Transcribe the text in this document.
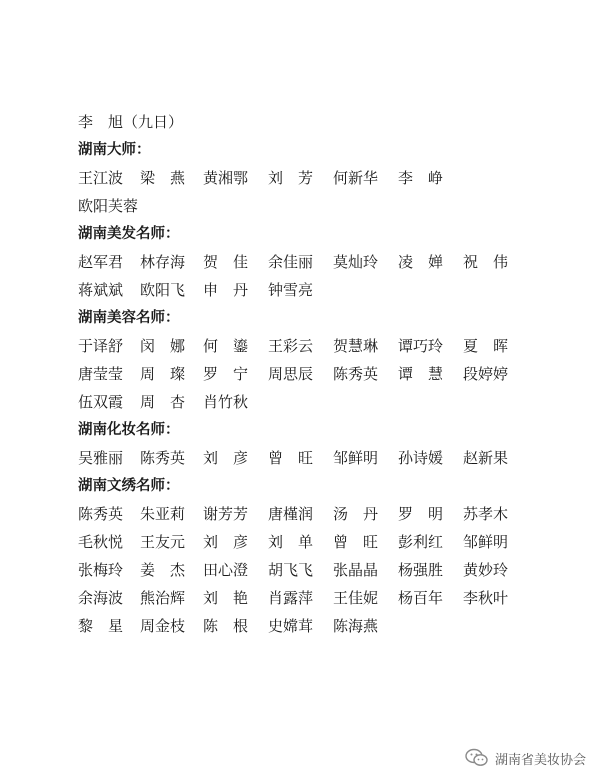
李　旭（九日）
湖南大师：
王江波 梁　燕 黄湘鄂 刘　芳 何新华 李　峥
欧阳芙蓉
湖南美发名师：
赵军君 林存海 贺　佳 余佳丽 莫灿玲 凌　婵 祝　伟
蒋斌斌 欧阳飞 申　丹 钟雪亮
湖南美容名师：
于译舒 闵　娜 何　鎏 王彩云 贺慧琳 谭巧玲 夏　晖
唐莹莹 周　璨 罗　宁 周思辰 陈秀英 谭　慧 段婷婷
伍双霞 周　杏 肖竹秋
湖南化妆名师：
吴雅丽 陈秀英 刘　彦 曾　旺 邹鲜明 孙诗媛 赵新果
湖南文绣名师：
陈秀英 朱亚莉 谢芳芳 唐槿润 汤　丹 罗　明 苏孝木
毛秋悦 王友元 刘　彦 刘　单 曾　旺 彭利红 邹鲜明
张梅玲 姜　杰 田心澄 胡飞飞 张晶晶 杨强胜 黄妙玲
余海波 熊治辉 刘　艳 肖露萍 王佳妮 杨百年 李秋叶
黎　星 周金枝 陈　根 史嫦茸 陈海燕
湖南省美妆协会
